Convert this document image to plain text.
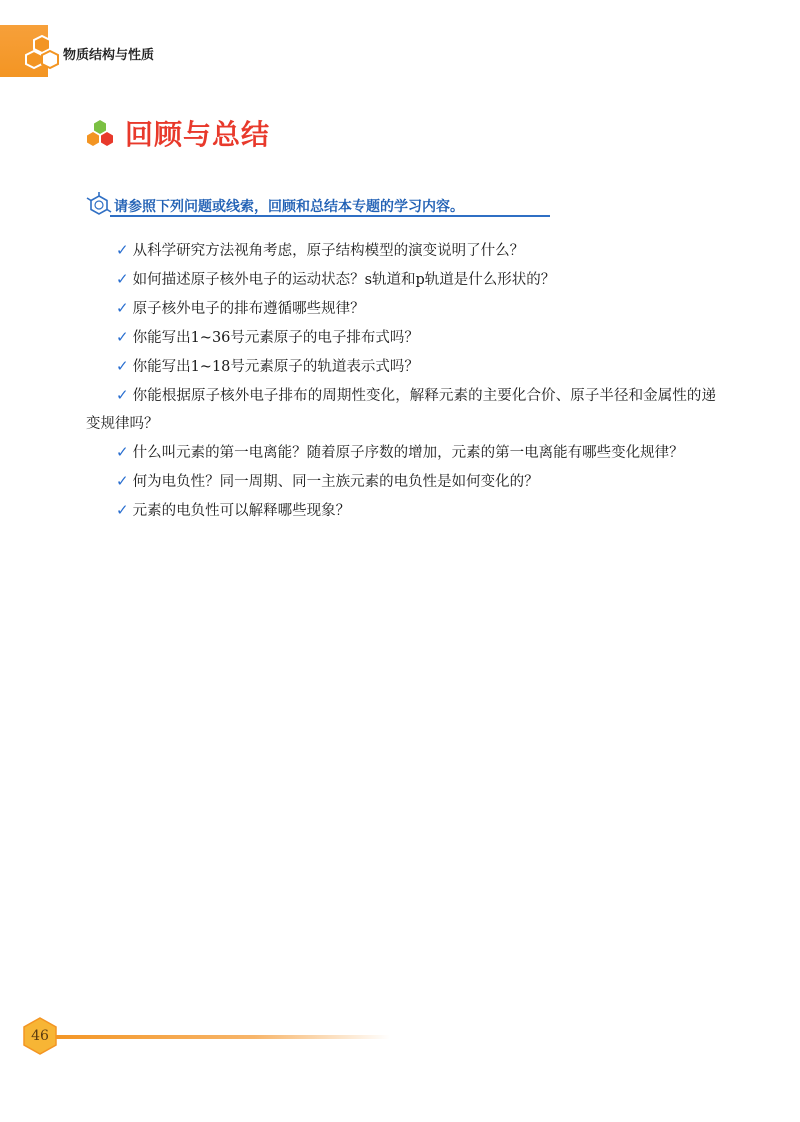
物质结构与性质
回顾与总结
请参照下列问题或线索，回顾和总结本专题的学习内容。

✓ 从科学研究方法视角考虑，原子结构模型的演变说明了什么？

✓ 如何描述原子核外电子的运动状态？s轨道和p轨道是什么形状的？

✓ 原子核外电子的排布遵循哪些规律？

✓ 你能写出1~36号元素原子的电子排布式吗？

✓ 你能写出1~18号元素原子的轨道表示式吗？

✓ 你能根据原子核外电子排布的周期性变化，解释元素的主要化合价、原子半径和金属性的递变规律吗？

✓ 什么叫元素的第一电离能？随着原子序数的增加，元素的第一电离能有哪些变化规律？

✓ 何为电负性？同一周期、同一主族元素的电负性是如何变化的？

✓ 元素的电负性可以解释哪些现象？

46
